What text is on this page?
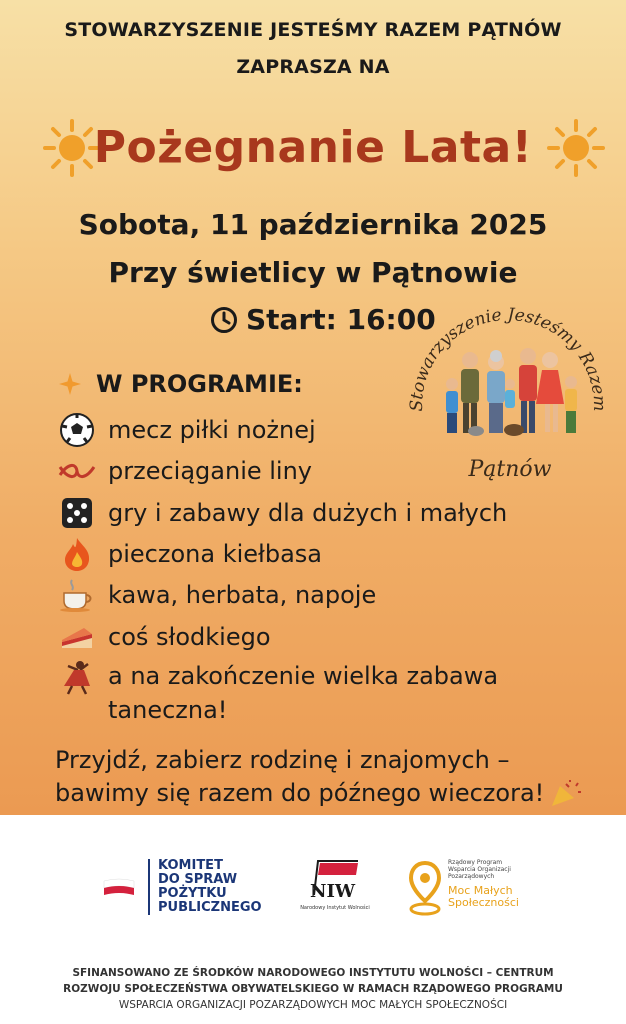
STOWARZYSZENIE JESTEŚMY RAZEM PĄTNÓW
ZAPRASZA NA
Pożegnanie Lata!
Sobota, 11 października 2025
Przy świetlicy w Pątnowie
Start: 16:00
Stowarzyszenie Jesteśmy Razem
Pątnów
W PROGRAMIE:
mecz piłki nożnej
przeciąganie liny
gry i zabawy dla dużych i małych
pieczona kiełbasa
kawa, herbata, napoje
coś słodkiego
a na zakończenie wielka zabawa taneczna!
Przyjdź, zabierz rodzinę i znajomych –
bawimy się razem do późnego wieczora!
KOMITET
DO SPRAW
POŻYTKU
PUBLICZNEGO
NIW
Narodowy Instytut Wolności
Rządowy Program
Wsparcia Organizacji
Pozarządowych
Moc Małych
Społeczności
SFINANSOWANO ZE ŚRODKÓW NARODOWEGO INSTYTUTU WOLNOŚCI – CENTRUM
ROZWOJU SPOŁECZEŃSTWA OBYWATELSKIEGO W RAMACH RZĄDOWEGO PROGRAMU
WSPARCIA ORGANIZACJI POZARZĄDOWYCH MOC MAŁYCH SPOŁECZNOŚCI
